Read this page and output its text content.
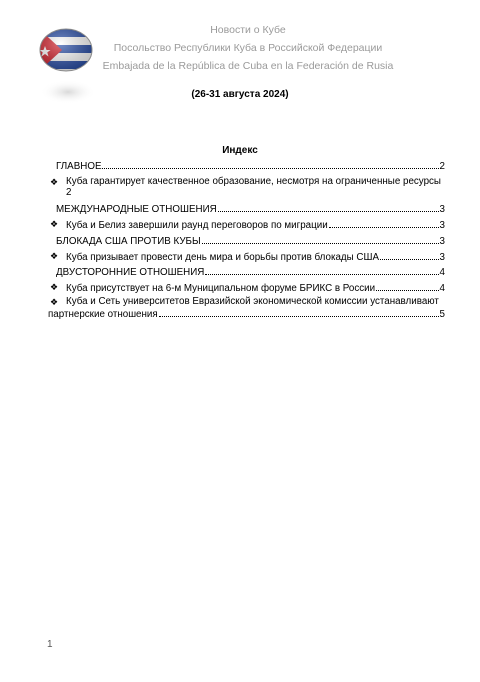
Новости о Кубе
Посольство Республики Куба в Российской Федерации
Embajada de la República de Cuba en la Federación de Rusia
(26-31 августа 2024)
Индекс
ГЛАВНОЕ	2
❖ Куба гарантирует качественное образование, несмотря на ограниченные ресурсы
2
МЕЖДУНАРОДНЫЕ ОТНОШЕНИЯ	3
❖ Куба и Белиз завершили раунд переговоров по миграции	3
БЛОКАДА США ПРОТИВ КУБЫ	3
❖ Куба призывает провести день мира и борьбы против блокады США	3
ДВУСТОРОННИЕ ОТНОШЕНИЯ	4
❖ Куба присутствует на 6-м Муниципальном форуме БРИКС в России	4
❖ Куба и Сеть университетов Евразийской экономической комиссии устанавливают
партнерские отношения	5
1
